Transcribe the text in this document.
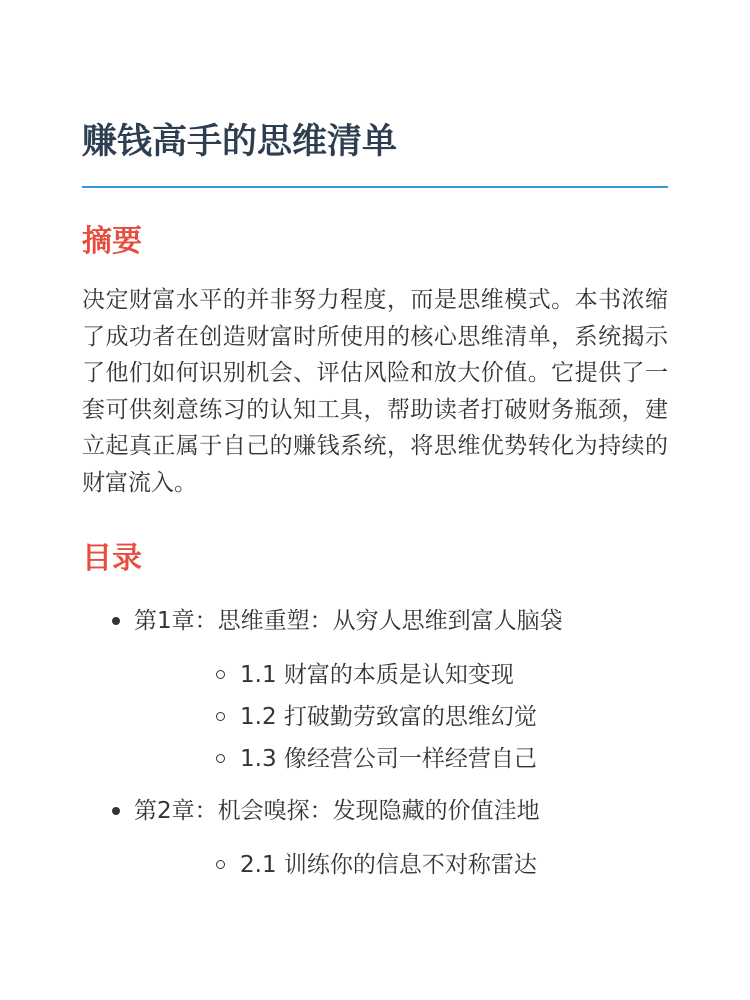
赚钱高手的思维清单
摘要

决定财富水平的并非努力程度，而是思维模式。本书浓缩了成功者在创造财富时所使用的核心思维清单，系统揭示了他们如何识别机会、评估风险和放大价值。它提供了一套可供刻意练习的认知工具，帮助读者打破财务瓶颈，建立起真正属于自己的赚钱系统，将思维优势转化为持续的财富流入。

目录
第1章：思维重塑：从穷人思维到富人脑袋
1.1 财富的本质是认知变现
1.2 打破勤劳致富的思维幻觉
1.3 像经营公司一样经营自己
第2章：机会嗅探：发现隐藏的价值洼地
2.1 训练你的信息不对称雷达
